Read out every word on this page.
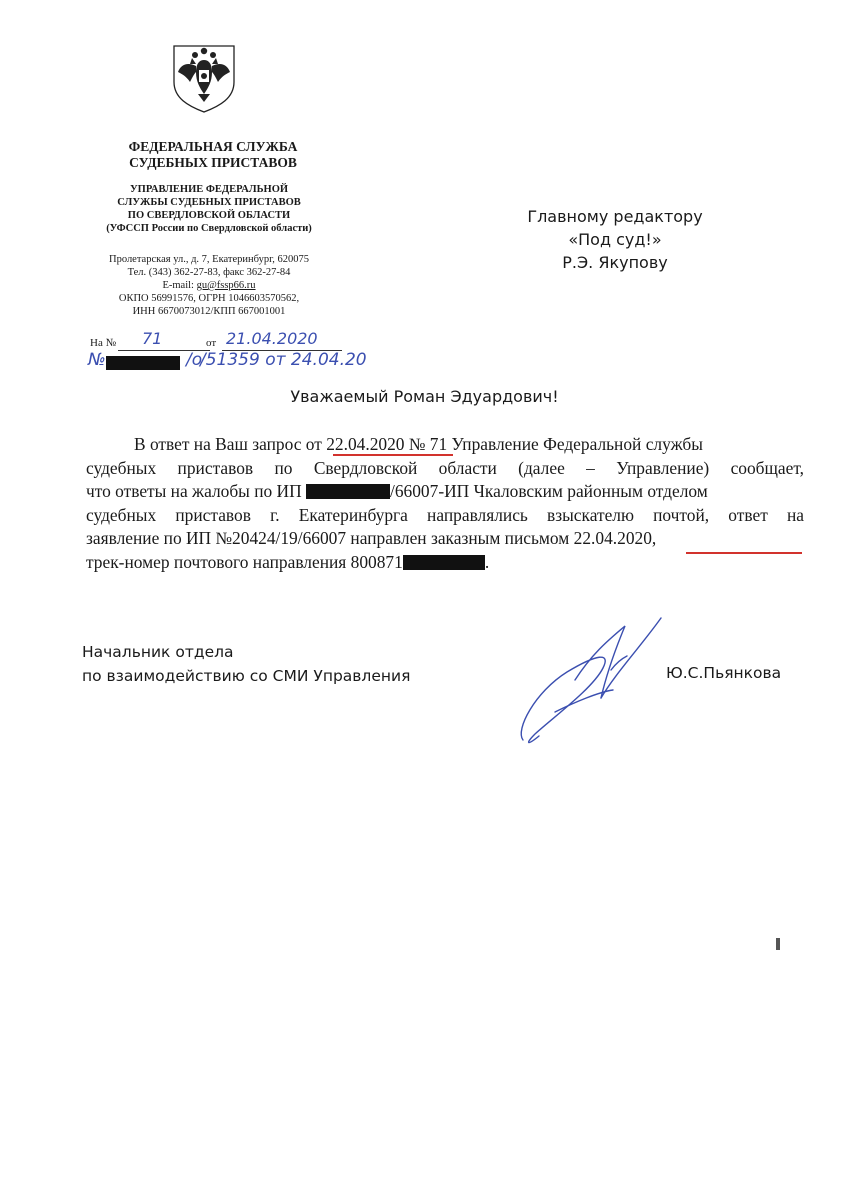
ФЕДЕРАЛЬНАЯ СЛУЖБА
СУДЕБНЫХ ПРИСТАВОВ
УПРАВЛЕНИЕ ФЕДЕРАЛЬНОЙ
СЛУЖБЫ СУДЕБНЫХ ПРИСТАВОВ
ПО СВЕРДЛОВСКОЙ ОБЛАСТИ
(УФССП России по Свердловской области)
Пролетарская ул., д. 7, Екатеринбург, 620075
Тел. (343) 362-27-83, факс 362-27-84
E-mail: gu@fssp66.ru
ОКПО 56991576, ОГРН 1046603570562,
ИНН 6670073012/КПП 667001001
На № 71	от 21.04.2020
№	/о
/51359 от 24.04.20
Главному редактору
«Под суд!»
Р.Э. Якупову
Уважаемый Роман Эдуардович!
В ответ на Ваш запрос от 22.04.2020 № 71 Управление Федеральной службы
судебных приставов по Свердловской области (далее – Управление) сообщает,
что ответы на жалобы по ИП	/66007-ИП Чкаловским районным отделом
судебных приставов г. Екатеринбурга направлялись взыскателю почтой, ответ на
заявление по ИП №20424/19/66007 направлен заказным письмом 22.04.2020,
трек-номер почтового направления 800871	.
Начальник отдела
по взаимодействию со СМИ Управления	Ю.С.Пьянкова
